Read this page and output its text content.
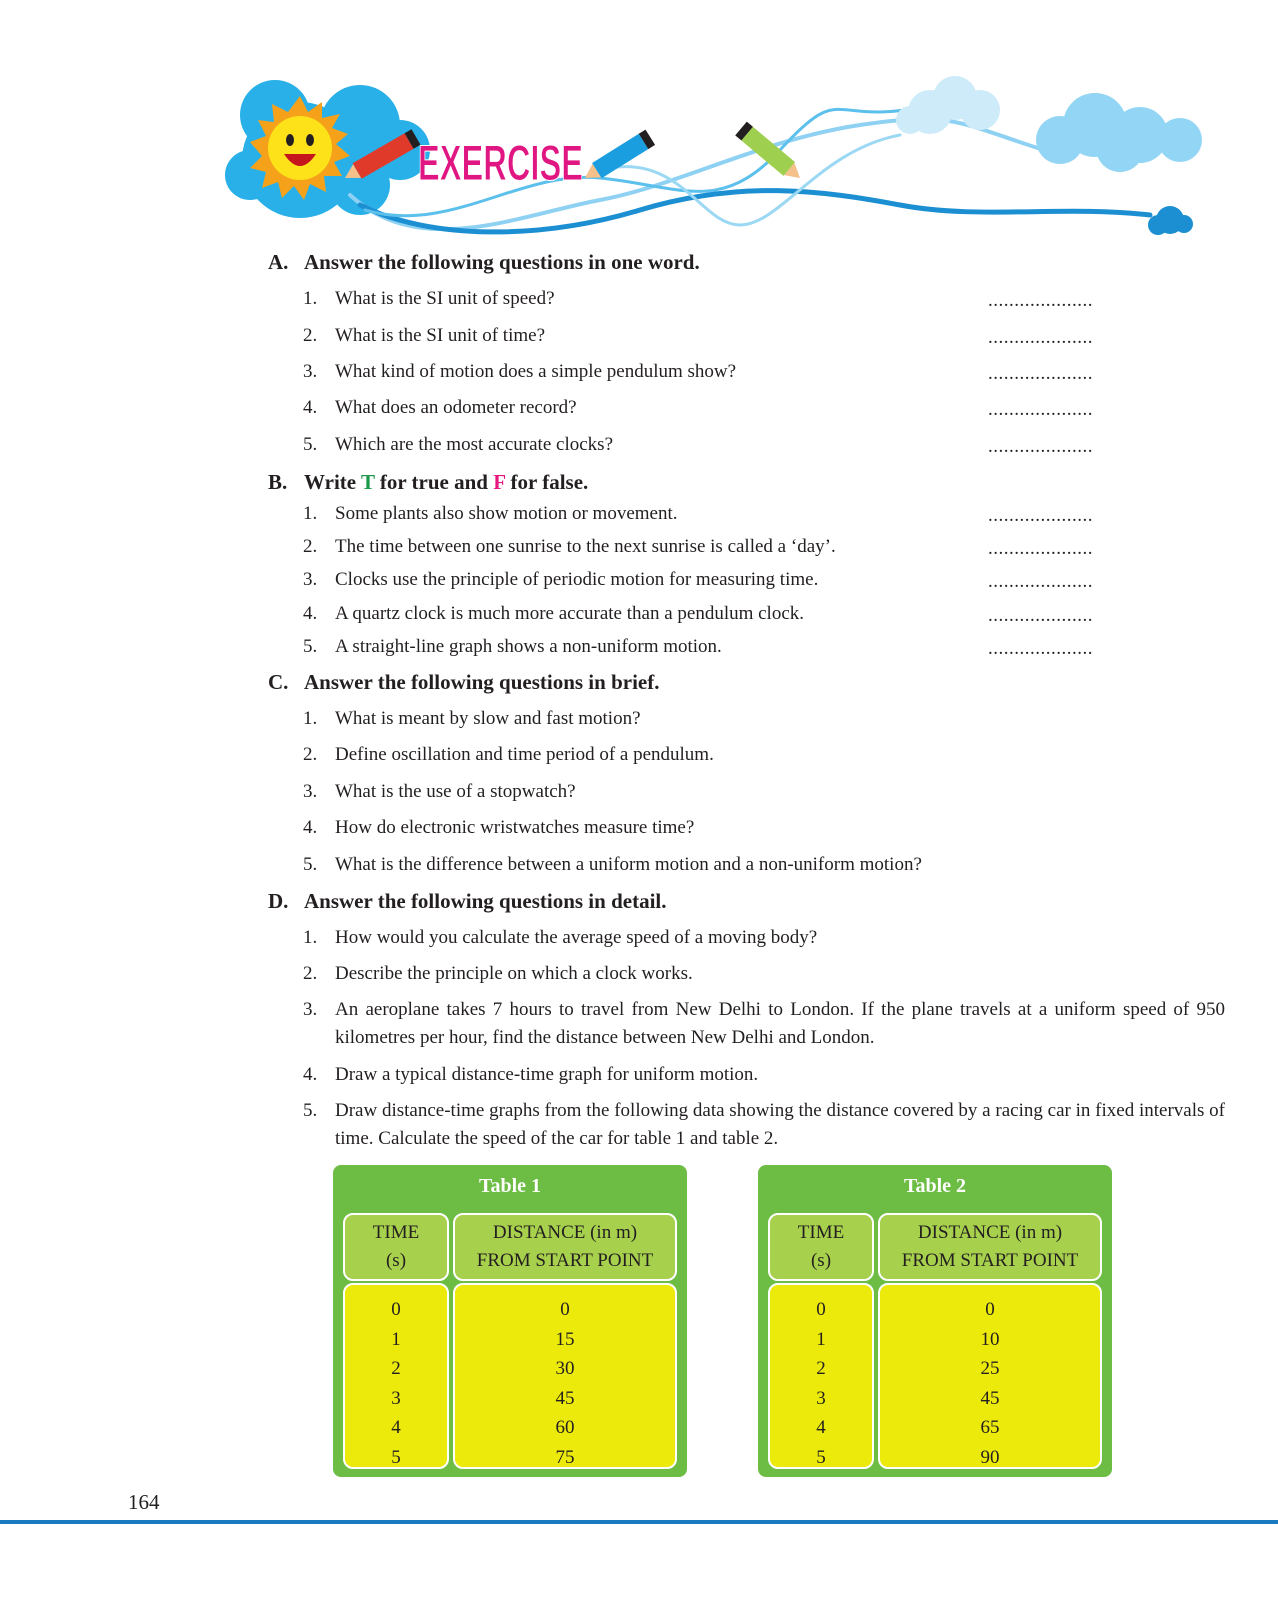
EXERCISE
A. Answer the following questions in one word.
1. What is the SI unit of speed?
2. What is the SI unit of time?
3. What kind of motion does a simple pendulum show?
4. What does an odometer record?
5. Which are the most accurate clocks?
....................
....................
....................
....................
....................
B. Write T for true and F for false.
1. Some plants also show motion or movement.
2. The time between one sunrise to the next sunrise is called a ‘day’.
3. Clocks use the principle of periodic motion for measuring time.
4. A quartz clock is much more accurate than a pendulum clock.
5. A straight-line graph shows a non-uniform motion.
....................
....................
....................
....................
....................
C. Answer the following questions in brief.
1. What is meant by slow and fast motion?
2. Define oscillation and time period of a pendulum.
3. What is the use of a stopwatch?
4. How do electronic wristwatches measure time?
5. What is the difference between a uniform motion and a non-uniform motion?
D. Answer the following questions in detail.
1. How would you calculate the average speed of a moving body?
2. Describe the principle on which a clock works.
3. An aeroplane takes 7 hours to travel from New Delhi to London. If the plane travels at a uniform speed of 950 kilometres per hour, find the distance between New Delhi and London.
4. Draw a typical distance-time graph for uniform motion.
5. Draw distance-time graphs from the following data showing the distance covered by a racing car in fixed intervals of time. Calculate the speed of the car for table 1 and table 2.
Table 1
TIME
(s)
DISTANCE (in m)
FROM START POINT
0
1
2
3
4
5
0
15
30
45
60
75
Table 2
TIME
(s)
DISTANCE (in m)
FROM START POINT
0
1
2
3
4
5
0
10
25
45
65
90
164
